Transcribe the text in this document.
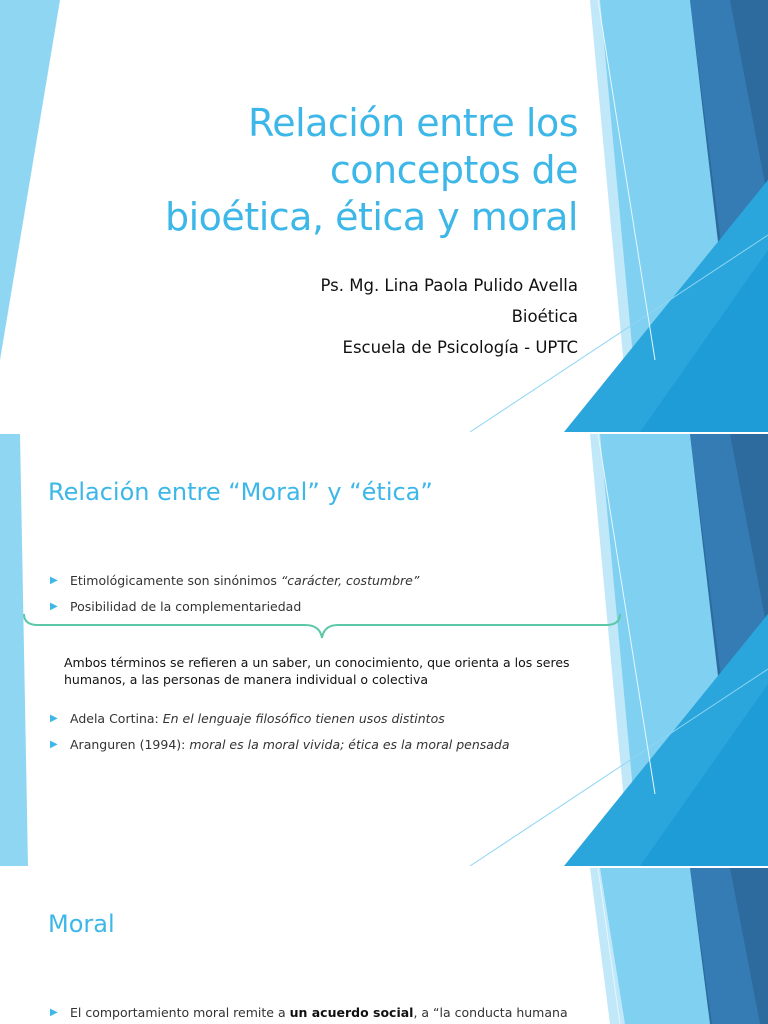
Relación entre los
conceptos de
bioética, ética y moral
Ps. Mg. Lina Paola Pulido Avella
Bioética
Escuela de Psicología - UPTC
Relación entre “Moral” y “ética”
▶ Etimológicamente son sinónimos “carácter, costumbre”
▶ Posibilidad de la complementariedad

Ambos términos se refieren a un saber, un conocimiento, que orienta a los seres humanos, a las personas de manera individual o colectiva

▶ Adela Cortina: En el lenguaje filosófico tienen usos distintos
▶ Aranguren (1994): moral es la moral vivida; ética es la moral pensada
Moral
▶ El comportamiento moral remite a un acuerdo social, a “la conducta humana
